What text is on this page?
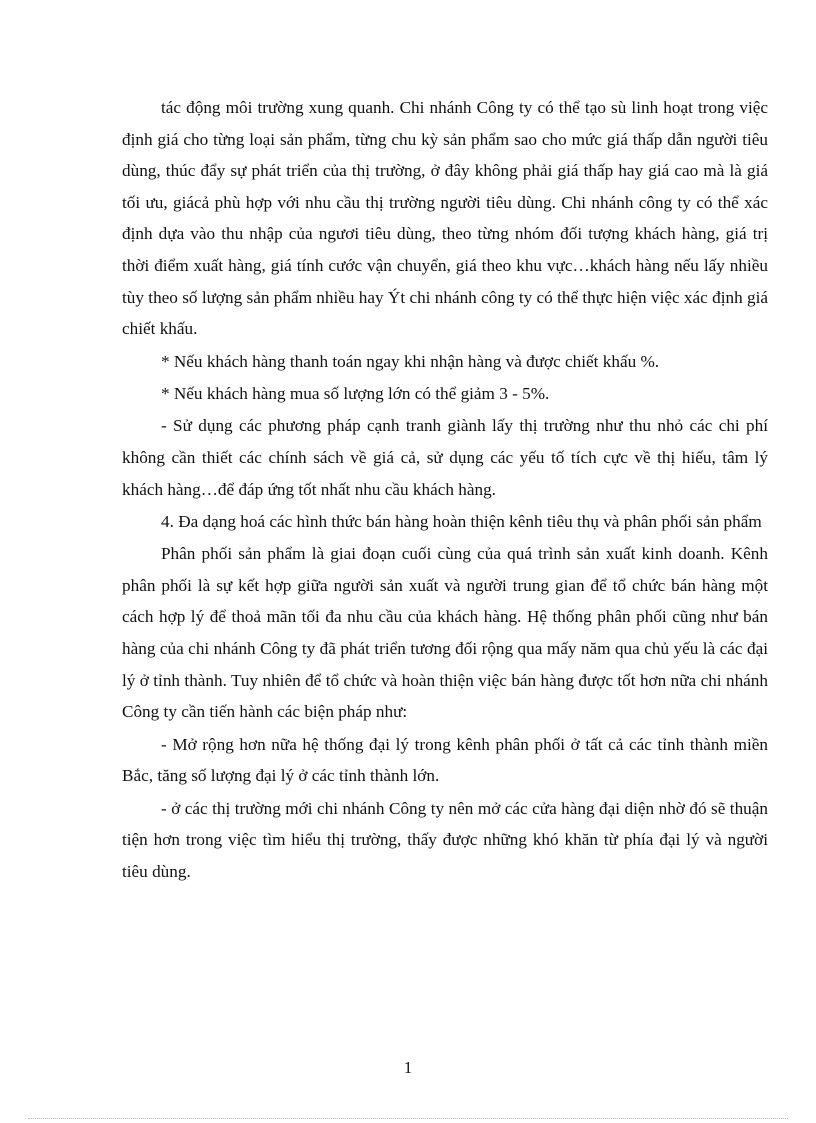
tác động môi trường xung quanh. Chi nhánh Công ty có thể tạo sù linh hoạt trong việc định giá cho từng loại sản phẩm, từng chu kỳ sản phẩm sao cho mức giá thấp dẫn người tiêu dùng, thúc đẩy sự phát triển của thị trường, ở đây không phải giá thấp hay giá cao mà là giá tối ưu, giácả phù hợp với nhu cầu thị trường người tiêu dùng. Chi nhánh công ty có thể xác định dựa vào thu nhập của ngươi tiêu dùng, theo từng nhóm đối tượng khách hàng, giá trị thời điểm xuất hàng, giá tính cước vận chuyển, giá theo khu vực…khách hàng nếu lấy nhiều tùy theo số lượng sản phẩm nhiều hay Ýt chi nhánh công ty có thể thực hiện việc xác định giá chiết khấu.

* Nếu khách hàng thanh toán ngay khi nhận hàng và được chiết khấu %.

* Nếu khách hàng mua số lượng lớn có thể giảm 3 - 5%.

- Sử dụng các phương pháp cạnh tranh giành lấy thị trường như thu nhỏ các chi phí không cần thiết các chính sách về giá cả, sử dụng các yếu tố tích cực về thị hiếu, tâm lý khách hàng…để đáp ứng tốt nhất nhu cầu khách hàng.

4. Đa dạng hoá các hình thức bán hàng hoàn thiện kênh tiêu thụ và phân phối sản phẩm

Phân phối sản phẩm là giai đoạn cuối cùng của quá trình sản xuất kinh doanh. Kênh phân phối là sự kết hợp giữa người sản xuất và người trung gian để tổ chức bán hàng một cách hợp lý để thoả mãn tối đa nhu cầu của khách hàng. Hệ thống phân phối cũng như bán hàng của chi nhánh Công ty đã phát triển tương đối rộng qua mấy năm qua chủ yếu là các đại lý ở tỉnh thành. Tuy nhiên để tổ chức và hoàn thiện việc bán hàng được tốt hơn nữa chi nhánh Công ty cần tiến hành các biện pháp như:

- Mở rộng hơn nữa hệ thống đại lý trong kênh phân phối ở tất cả các tỉnh thành miền Bắc, tăng số lượng đại lý ở các tỉnh thành lớn.

- ở các thị trường mới chi nhánh Công ty nên mở các cửa hàng đại diện nhờ đó sẽ thuận tiện hơn trong việc tìm hiểu thị trường, thấy được những khó khăn từ phía đại lý và người tiêu dùng.

1
